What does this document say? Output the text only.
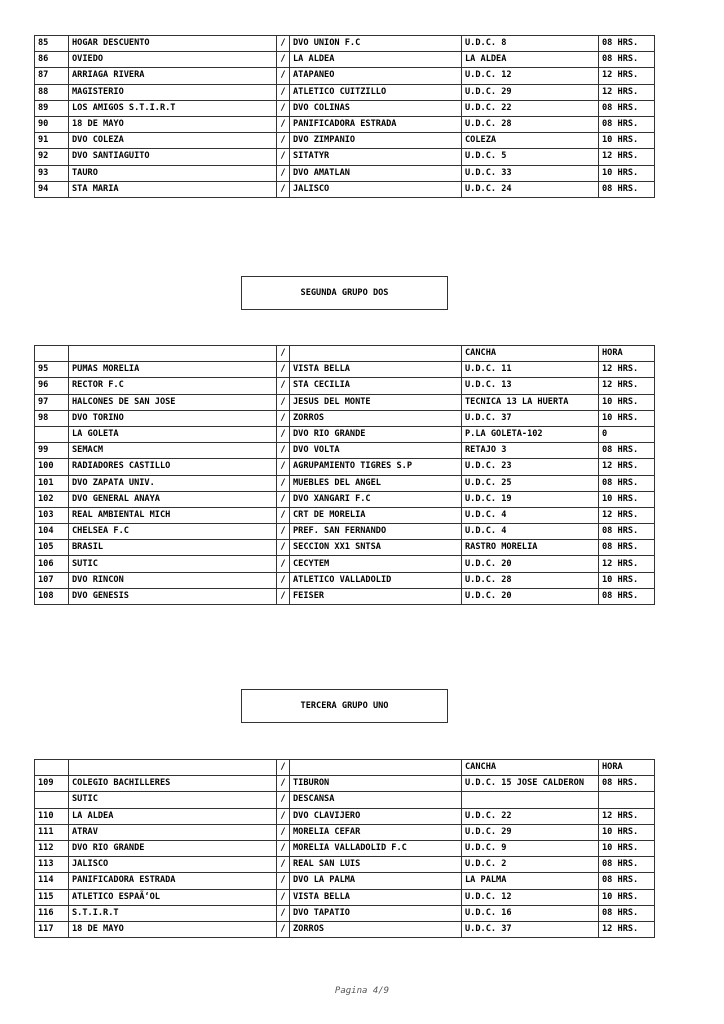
85	HOGAR DESCUENTO	/	DVO UNION F.C	U.D.C. 8	08 HRS.
86	OVIEDO	/	LA ALDEA	LA ALDEA	08 HRS.
87	ARRIAGA RIVERA	/	ATAPANEO	U.D.C. 12	12 HRS.
88	MAGISTERIO	/	ATLETICO CUITZILLO	U.D.C. 29	12 HRS.
89	LOS AMIGOS S.T.I.R.T	/	DVO COLINAS	U.D.C. 22	08 HRS.
90	18 DE MAYO	/	PANIFICADORA ESTRADA	U.D.C. 28	08 HRS.
91	DVO COLEZA	/	DVO ZIMPANIO	COLEZA	10 HRS.
92	DVO SANTIAGUITO	/	SITATYR	U.D.C. 5	12 HRS.
93	TAURO	/	DVO AMATLAN	U.D.C. 33	10 HRS.
94	STA MARIA	/	JALISCO	U.D.C. 24	08 HRS.
SEGUNDA GRUPO DOS
		/		CANCHA	HORA
95	PUMAS MORELIA	/	VISTA BELLA	U.D.C. 11	12 HRS.
96	RECTOR F.C	/	STA CECILIA	U.D.C. 13	12 HRS.
97	HALCONES DE SAN JOSE	/	JESUS DEL MONTE	TECNICA 13 LA HUERTA	10 HRS.
98	DVO TORINO	/	ZORROS	U.D.C. 37	10 HRS.
	LA GOLETA	/	DVO RIO GRANDE	P.LA GOLETA-102	0
99	SEMACM	/	DVO VOLTA	RETAJO 3	08 HRS.
100	RADIADORES CASTILLO	/	AGRUPAMIENTO TIGRES S.P	U.D.C. 23	12 HRS.
101	DVO ZAPATA UNIV.	/	MUEBLES DEL ANGEL	U.D.C. 25	08 HRS.
102	DVO GENERAL ANAYA	/	DVO XANGARI F.C	U.D.C. 19	10 HRS.
103	REAL AMBIENTAL MICH	/	CRT DE MORELIA	U.D.C. 4	12 HRS.
104	CHELSEA F.C	/	PREF. SAN FERNANDO	U.D.C. 4	08 HRS.
105	BRASIL	/	SECCION XX1 SNTSA	RASTRO MORELIA	08 HRS.
106	SUTIC	/	CECYTEM	U.D.C. 20	12 HRS.
107	DVO RINCON	/	ATLETICO VALLADOLID	U.D.C. 28	10 HRS.
108	DVO GENESIS	/	FEISER	U.D.C. 20	08 HRS.
TERCERA GRUPO UNO
		/		CANCHA	HORA
109	COLEGIO BACHILLERES	/	TIBURON	U.D.C. 15 JOSE CALDERON	08 HRS.
	SUTIC	/	DESCANSA		
110	LA ALDEA	/	DVO CLAVIJERO	U.D.C. 22	12 HRS.
111	ATRAV	/	MORELIA CEFAR	U.D.C. 29	10 HRS.
112	DVO RIO GRANDE	/	MORELIA VALLADOLID F.C	U.D.C. 9	10 HRS.
113	JALISCO	/	REAL SAN LUIS	U.D.C. 2	08 HRS.
114	PANIFICADORA ESTRADA	/	DVO LA PALMA	LA PALMA	08 HRS.
115	ATLETICO ESPAÃ‘OL	/	VISTA BELLA	U.D.C. 12	10 HRS.
116	S.T.I.R.T	/	DVO TAPATIO	U.D.C. 16	08 HRS.
117	18 DE MAYO	/	ZORROS	U.D.C. 37	12 HRS.
Pagina 4/9
